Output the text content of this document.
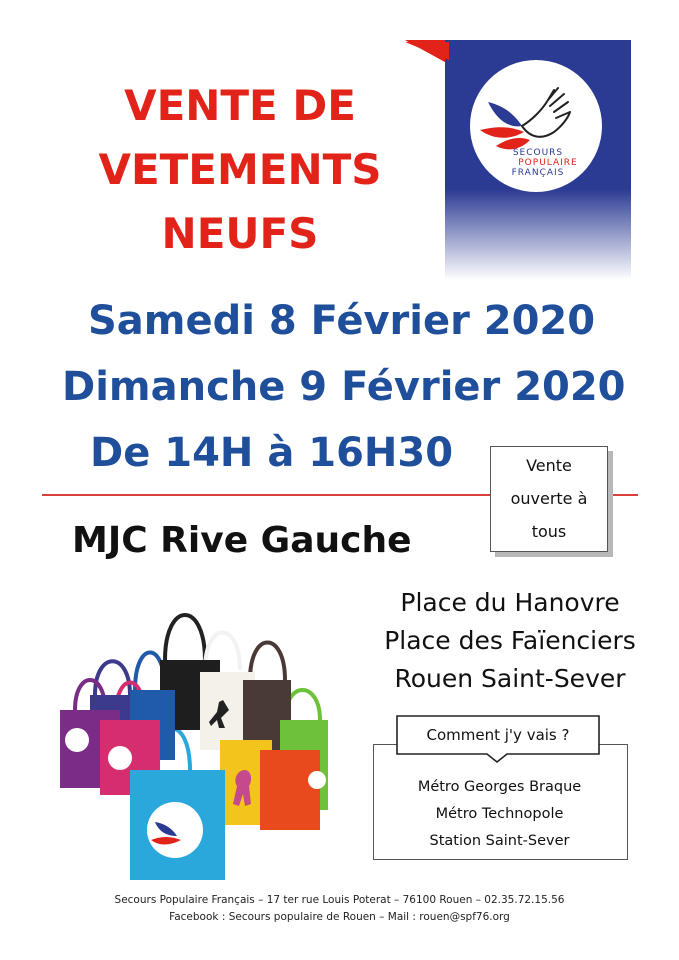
VENTE DE
VETEMENTS
NEUFS
SECOURS
POPULAIRE
FRANÇAIS
Samedi 8 Février 2020
Dimanche 9 Février 2020
De 14H à 16H30	Vente
ouverte à
tous
MJC Rive Gauche
Place du Hanovre
Place des Faïenciers
Rouen Saint-Sever
Comment j'y vais ?
Métro Georges Braque
Métro Technopole
Station Saint-Sever
Secours Populaire Français – 17 ter rue Louis Poterat – 76100 Rouen – 02.35.72.15.56
Facebook : Secours populaire de Rouen – Mail : rouen@spf76.org
